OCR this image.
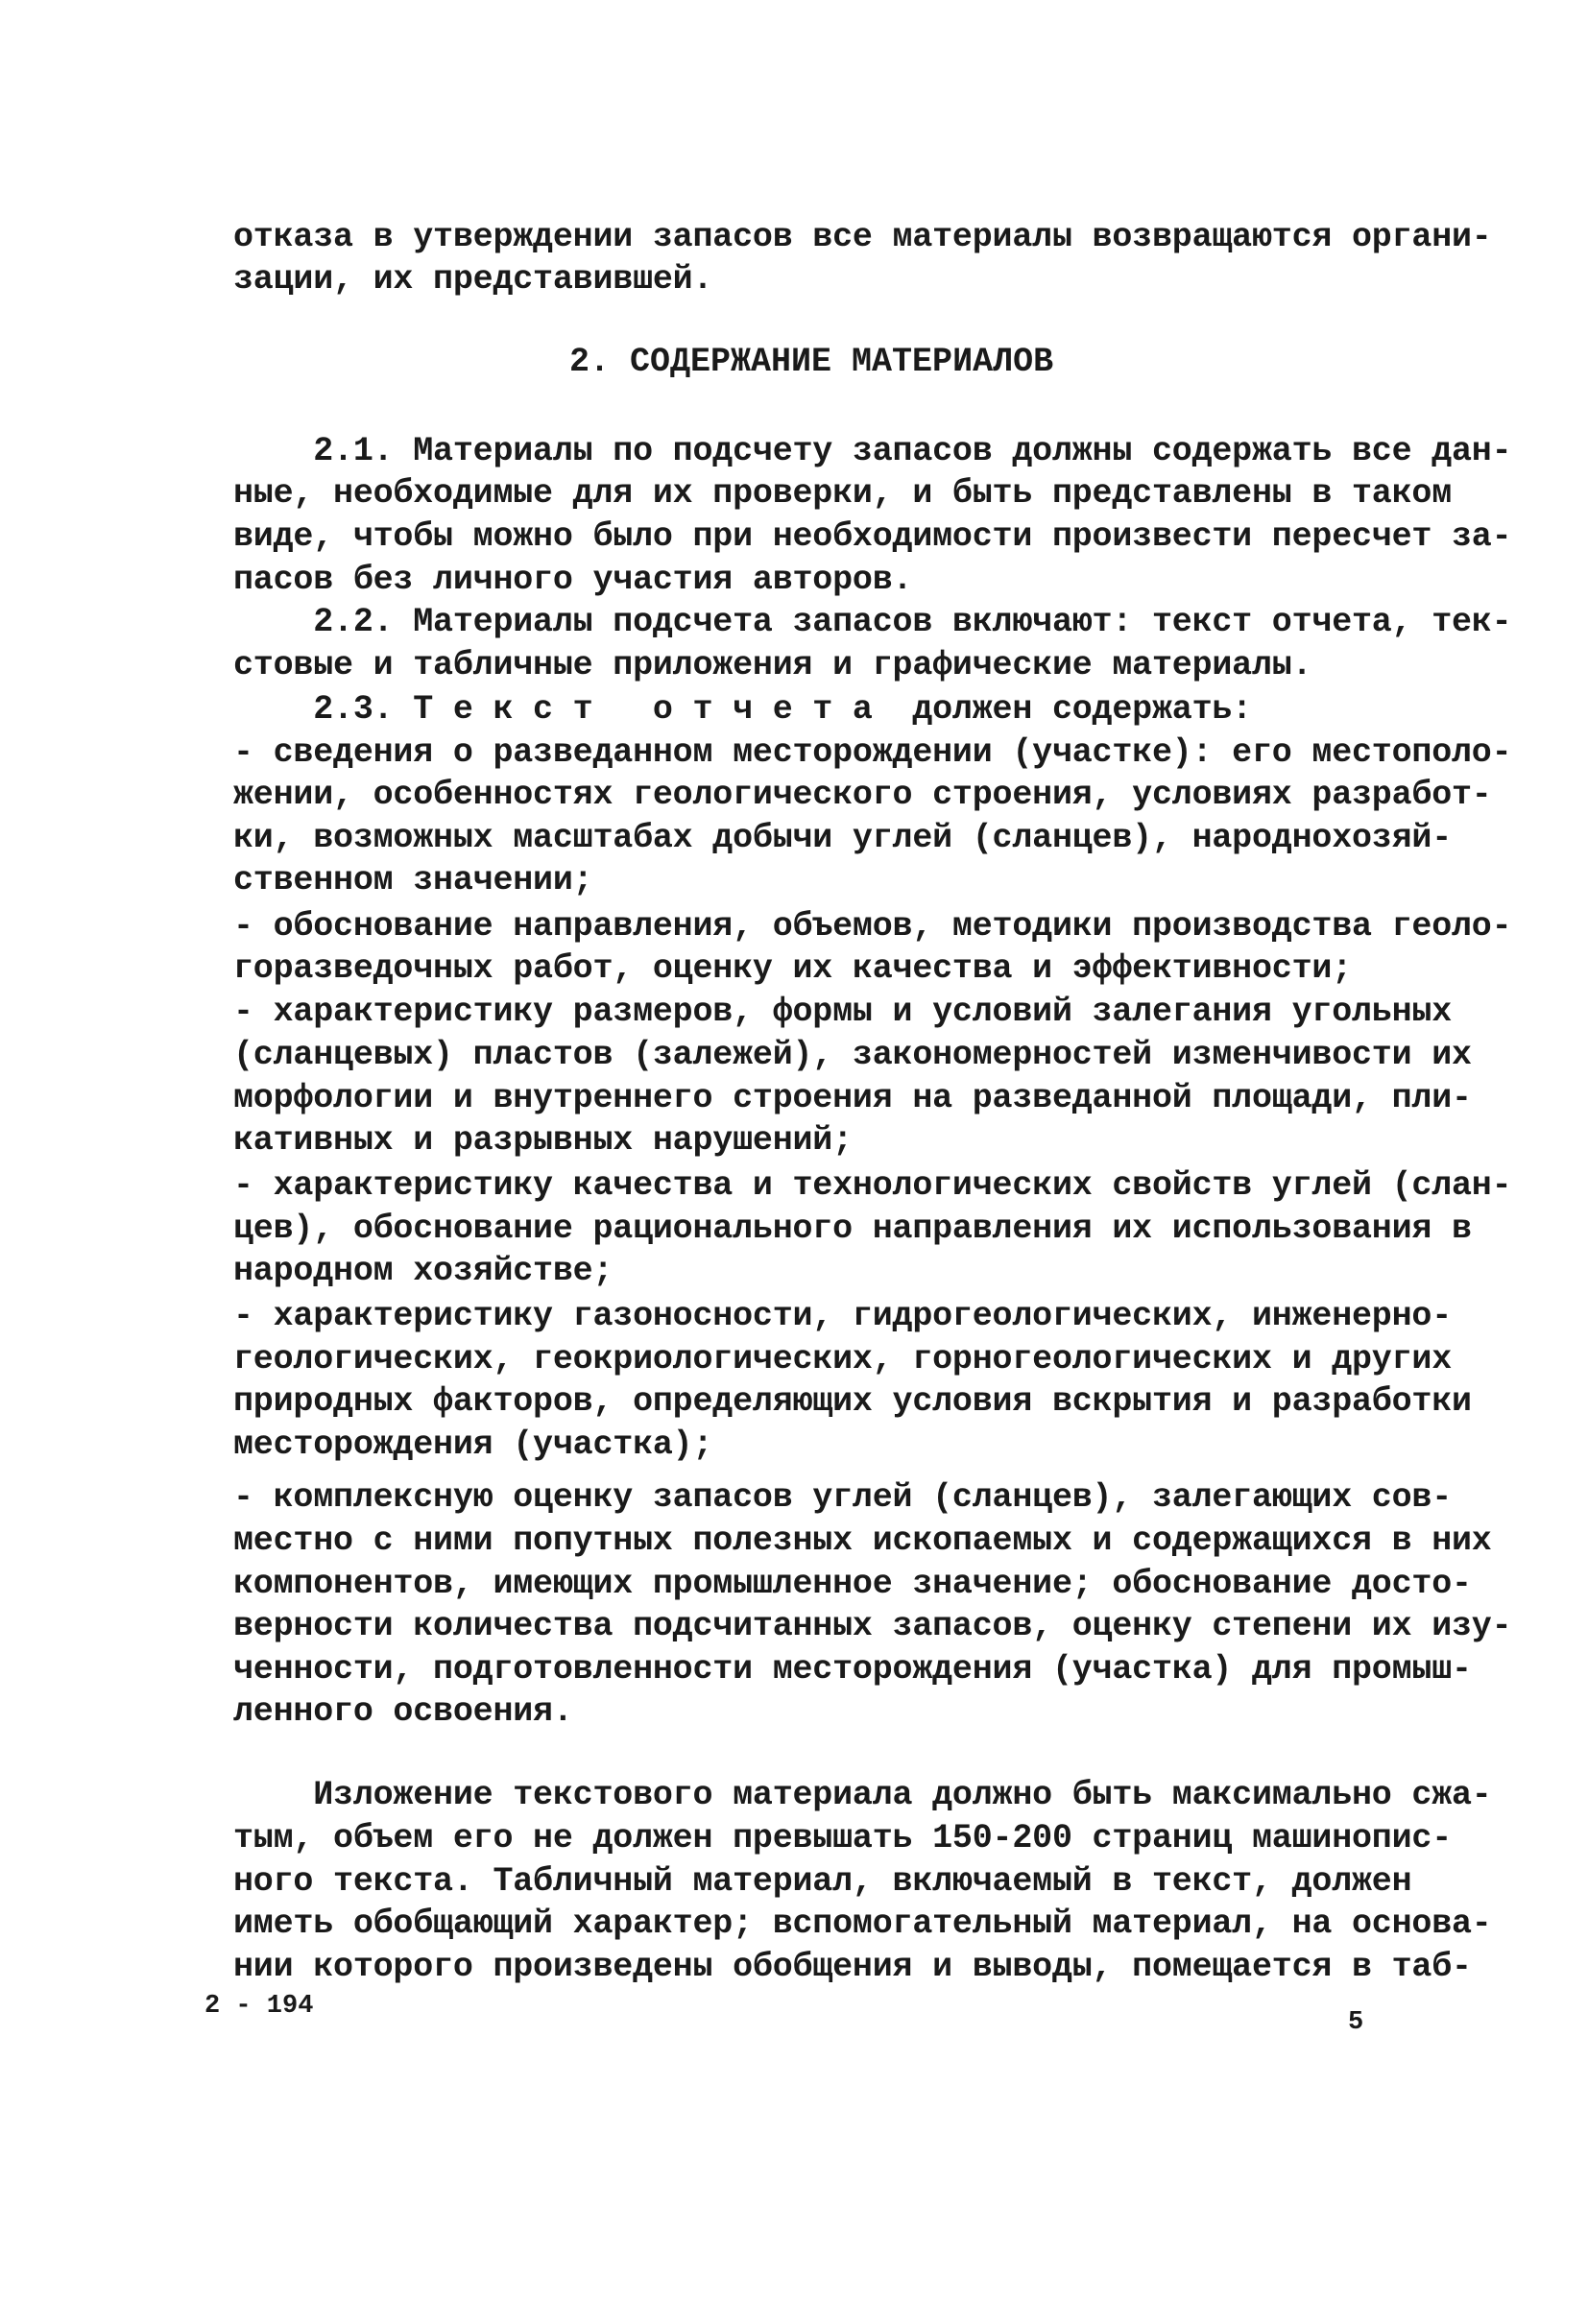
отказа в утверждении запасов все материалы возвращаются органи-
зации, их представившей.
2. СОДЕРЖАНИЕ МАТЕРИАЛОВ
2.1. Материалы по подсчету запасов должны содержать все дан-
ные, необходимые для их проверки, и быть представлены в таком
виде, чтобы можно было при необходимости произвести пересчет за-
пасов без личного участия авторов.
2.2. Материалы подсчета запасов включают: текст отчета, тек-
стовые и табличные приложения и графические материалы.
2.3. Т е к с т   о т ч е т а  должен содержать:
- сведения о разведанном месторождении (участке): его местополо-
жении, особенностях геологического строения, условиях разработ-
ки, возможных масштабах добычи углей (сланцев), народнохозяй-
ственном значении;
- обоснование направления, объемов, методики производства геоло-
горазведочных работ, оценку их качества и эффективности;
- характеристику размеров, формы и условий залегания угольных
(сланцевых) пластов (залежей), закономерностей изменчивости их
морфологии и внутреннего строения на разведанной площади, пли-
кативных и разрывных нарушений;
- характеристику качества и технологических свойств углей (слан-
цев), обоснование рационального направления их использования в
народном хозяйстве;
- характеристику газоносности, гидрогеологических, инженерно-
геологических, геокриологических, горногеологических и других
природных факторов, определяющих условия вскрытия и разработки
месторождения (участка);
- комплексную оценку запасов углей (сланцев), залегающих сов-
местно с ними попутных полезных ископаемых и содержащихся в них
компонентов, имеющих промышленное значение; обоснование досто-
верности количества подсчитанных запасов, оценку степени их изу-
ченности, подготовленности месторождения (участка) для промыш-
ленного освоения.
Изложение текстового материала должно быть максимально сжа-
тым, объем его не должен превышать 150-200 страниц машинопис-
ного текста. Табличный материал, включаемый в текст, должен
иметь обобщающий характер; вспомогательный материал, на основа-
нии которого произведены обобщения и выводы, помещается в таб-
2 - 194
5
